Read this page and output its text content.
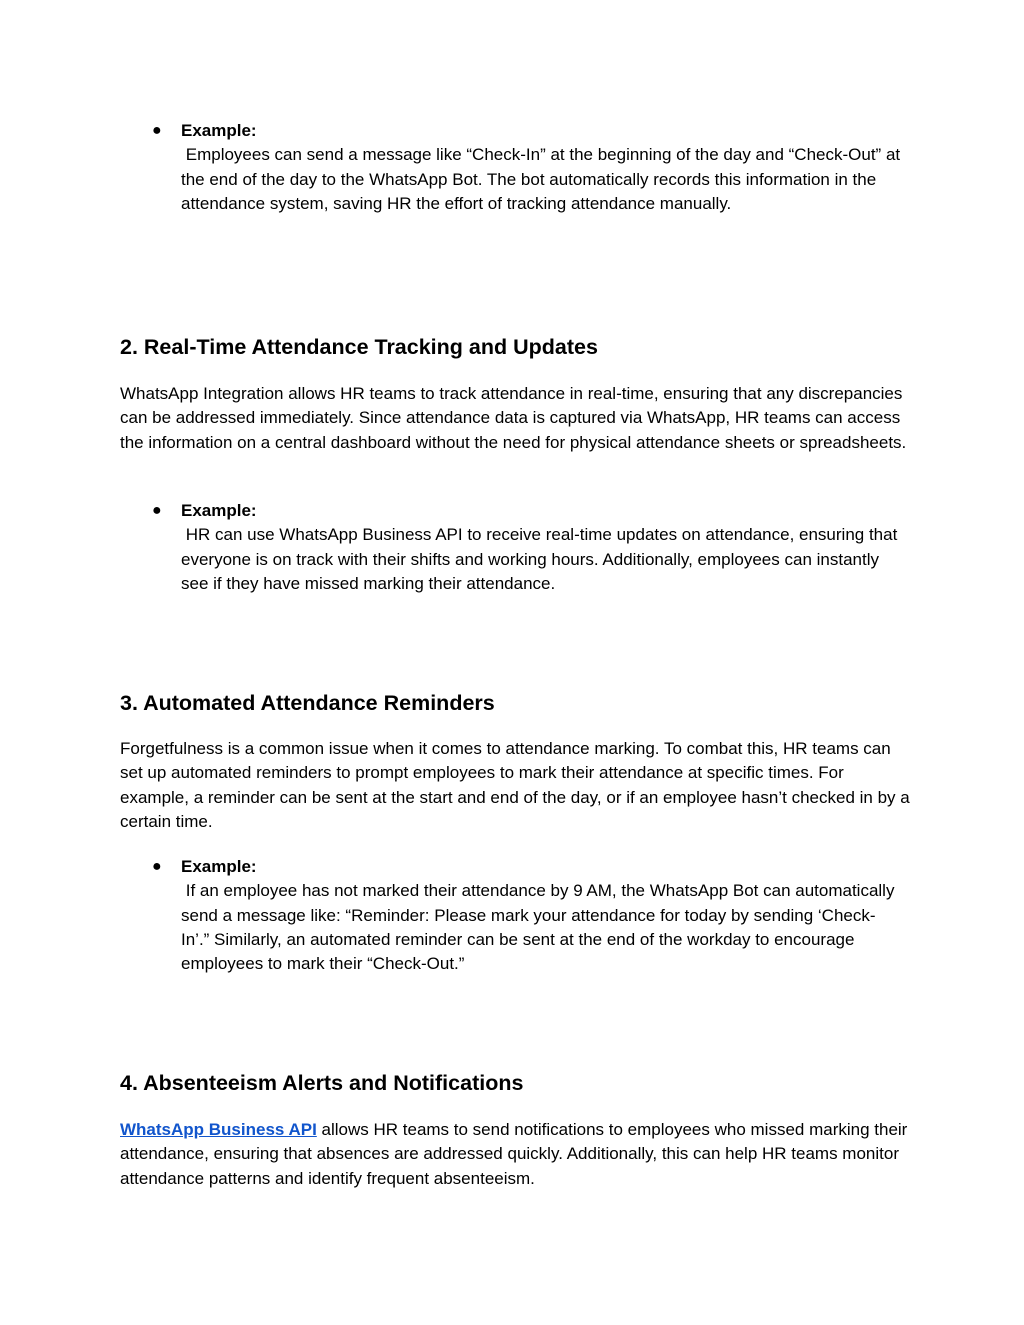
● Example:
Employees can send a message like “Check-In” at the beginning of the day and “Check-Out” at the end of the day to the WhatsApp Bot. The bot automatically records this information in the attendance system, saving HR the effort of tracking attendance manually.
2. Real-Time Attendance Tracking and Updates

WhatsApp Integration allows HR teams to track attendance in real-time, ensuring that any discrepancies can be addressed immediately. Since attendance data is captured via WhatsApp, HR teams can access the information on a central dashboard without the need for physical attendance sheets or spreadsheets.

● Example:
HR can use WhatsApp Business API to receive real-time updates on attendance, ensuring that everyone is on track with their shifts and working hours. Additionally, employees can instantly see if they have missed marking their attendance.
3. Automated Attendance Reminders

Forgetfulness is a common issue when it comes to attendance marking. To combat this, HR teams can set up automated reminders to prompt employees to mark their attendance at specific times. For example, a reminder can be sent at the start and end of the day, or if an employee hasn’t checked in by a certain time.

● Example:
If an employee has not marked their attendance by 9 AM, the WhatsApp Bot can automatically send a message like: “Reminder: Please mark your attendance for today by sending ‘Check-In’.” Similarly, an automated reminder can be sent at the end of the workday to encourage employees to mark their “Check-Out.”
4. Absenteeism Alerts and Notifications

WhatsApp Business API allows HR teams to send notifications to employees who missed marking their attendance, ensuring that absences are addressed quickly. Additionally, this can help HR teams monitor attendance patterns and identify frequent absenteeism.
